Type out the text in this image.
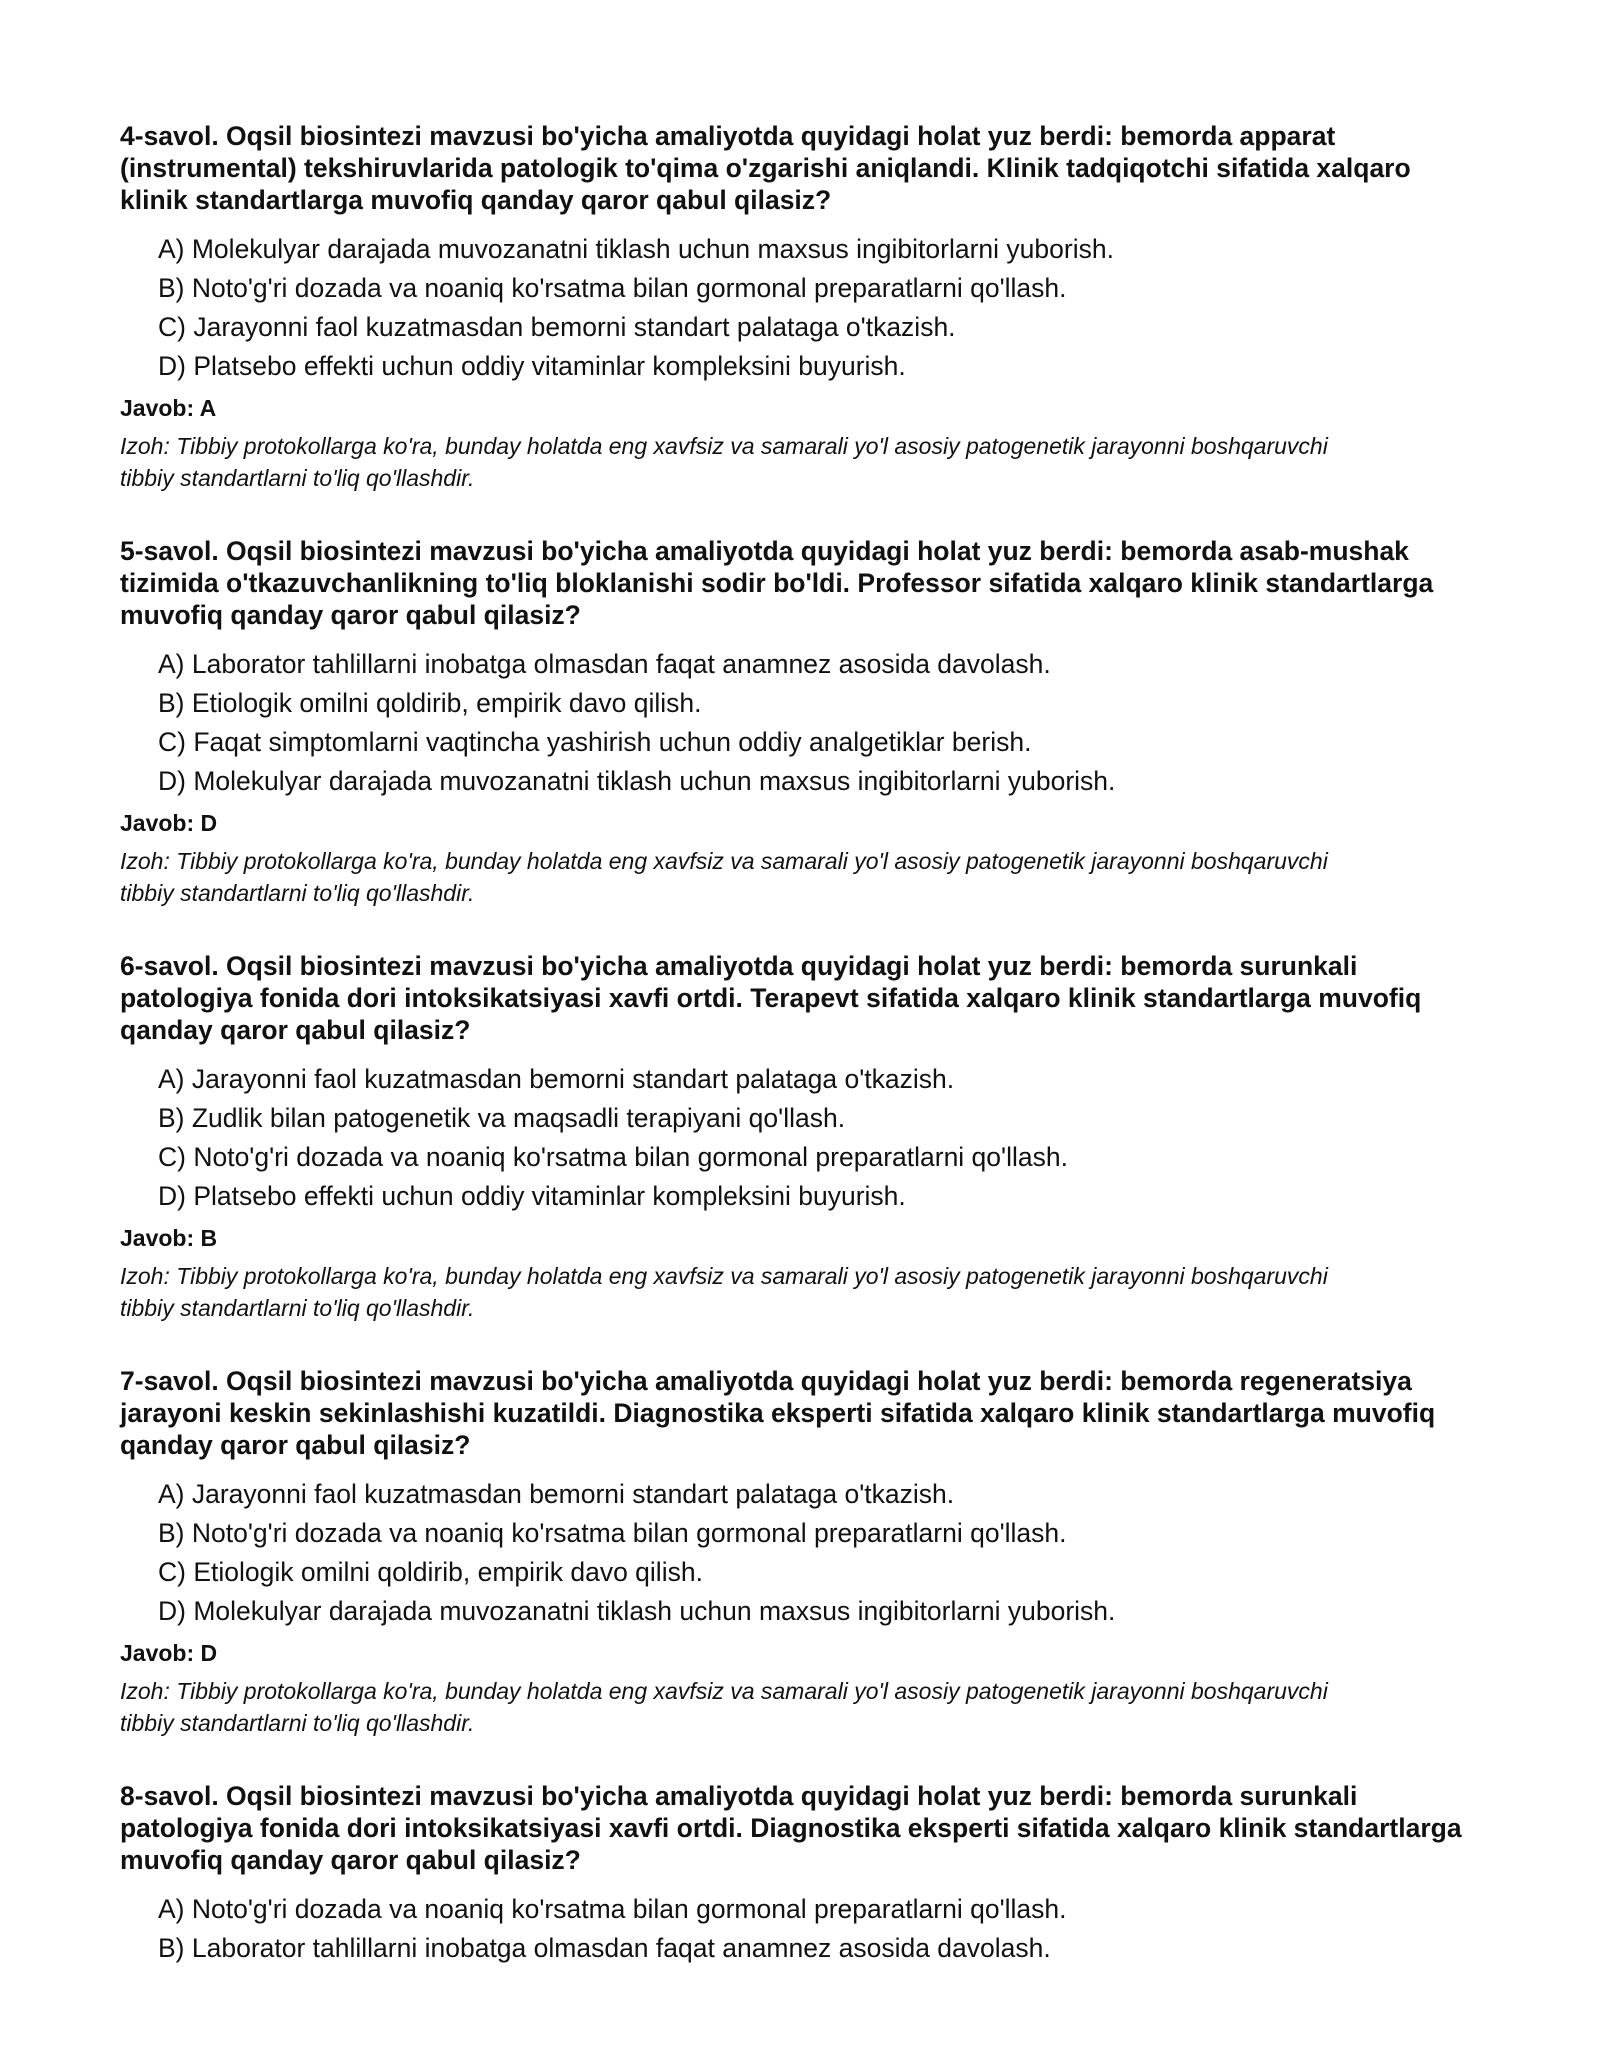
4-savol. Oqsil biosintezi mavzusi bo'yicha amaliyotda quyidagi holat yuz berdi: bemorda apparat (instrumental) tekshiruvlarida patologik to'qima o'zgarishi aniqlandi. Klinik tadqiqotchi sifatida xalqaro klinik standartlarga muvofiq qanday qaror qabul qilasiz?
A) Molekulyar darajada muvozanatni tiklash uchun maxsus ingibitorlarni yuborish.
B) Noto'g'ri dozada va noaniq ko'rsatma bilan gormonal preparatlarni qo'llash.
C) Jarayonni faol kuzatmasdan bemorni standart palataga o'tkazish.
D) Platsebo effekti uchun oddiy vitaminlar kompleksini buyurish.
Javob: A
Izoh: Tibbiy protokollarga ko'ra, bunday holatda eng xavfsiz va samarali yo'l asosiy patogenetik jarayonni boshqaruvchi tibbiy standartlarni to'liq qo'llashdir.
5-savol. Oqsil biosintezi mavzusi bo'yicha amaliyotda quyidagi holat yuz berdi: bemorda asab-mushak tizimida o'tkazuvchanlikning to'liq bloklanishi sodir bo'ldi. Professor sifatida xalqaro klinik standartlarga muvofiq qanday qaror qabul qilasiz?
A) Laborator tahlillarni inobatga olmasdan faqat anamnez asosida davolash.
B) Etiologik omilni qoldirib, empirik davo qilish.
C) Faqat simptomlarni vaqtincha yashirish uchun oddiy analgetiklar berish.
D) Molekulyar darajada muvozanatni tiklash uchun maxsus ingibitorlarni yuborish.
Javob: D
Izoh: Tibbiy protokollarga ko'ra, bunday holatda eng xavfsiz va samarali yo'l asosiy patogenetik jarayonni boshqaruvchi tibbiy standartlarni to'liq qo'llashdir.
6-savol. Oqsil biosintezi mavzusi bo'yicha amaliyotda quyidagi holat yuz berdi: bemorda surunkali patologiya fonida dori intoksikatsiyasi xavfi ortdi. Terapevt sifatida xalqaro klinik standartlarga muvofiq qanday qaror qabul qilasiz?
A) Jarayonni faol kuzatmasdan bemorni standart palataga o'tkazish.
B) Zudlik bilan patogenetik va maqsadli terapiyani qo'llash.
C) Noto'g'ri dozada va noaniq ko'rsatma bilan gormonal preparatlarni qo'llash.
D) Platsebo effekti uchun oddiy vitaminlar kompleksini buyurish.
Javob: B
Izoh: Tibbiy protokollarga ko'ra, bunday holatda eng xavfsiz va samarali yo'l asosiy patogenetik jarayonni boshqaruvchi tibbiy standartlarni to'liq qo'llashdir.
7-savol. Oqsil biosintezi mavzusi bo'yicha amaliyotda quyidagi holat yuz berdi: bemorda regeneratsiya jarayoni keskin sekinlashishi kuzatildi. Diagnostika eksperti sifatida xalqaro klinik standartlarga muvofiq qanday qaror qabul qilasiz?
A) Jarayonni faol kuzatmasdan bemorni standart palataga o'tkazish.
B) Noto'g'ri dozada va noaniq ko'rsatma bilan gormonal preparatlarni qo'llash.
C) Etiologik omilni qoldirib, empirik davo qilish.
D) Molekulyar darajada muvozanatni tiklash uchun maxsus ingibitorlarni yuborish.
Javob: D
Izoh: Tibbiy protokollarga ko'ra, bunday holatda eng xavfsiz va samarali yo'l asosiy patogenetik jarayonni boshqaruvchi tibbiy standartlarni to'liq qo'llashdir.
8-savol. Oqsil biosintezi mavzusi bo'yicha amaliyotda quyidagi holat yuz berdi: bemorda surunkali patologiya fonida dori intoksikatsiyasi xavfi ortdi. Diagnostika eksperti sifatida xalqaro klinik standartlarga muvofiq qanday qaror qabul qilasiz?
A) Noto'g'ri dozada va noaniq ko'rsatma bilan gormonal preparatlarni qo'llash.
B) Laborator tahlillarni inobatga olmasdan faqat anamnez asosida davolash.
